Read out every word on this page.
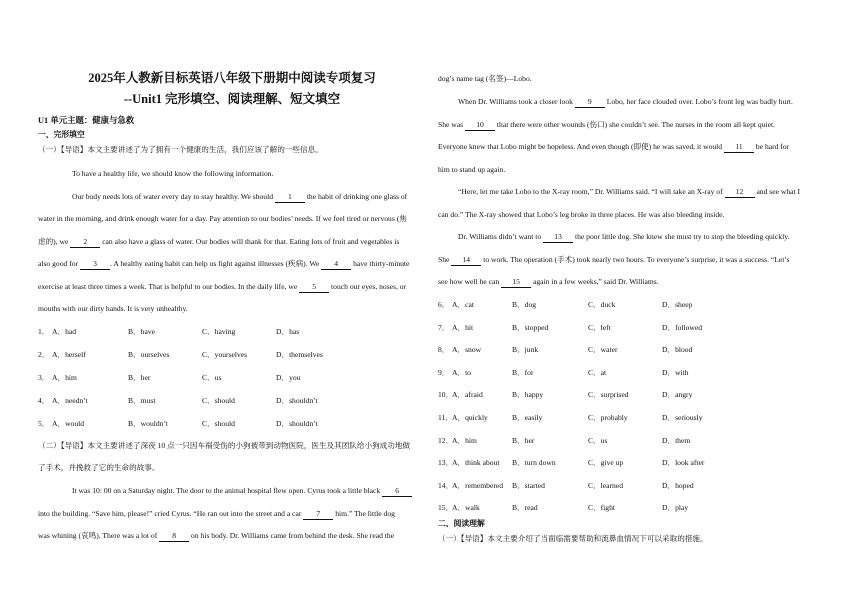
2025年人教新目标英语八年级下册期中阅读专项复习
--Unit1 完形填空、阅读理解、短文填空
U1 单元主题：健康与急救
一、完形填空
（一）【导语】本文主要讲述了为了拥有一个健康的生活，我们应该了解的一些信息。
To have a healthy life, we should know the following information.
Our body needs lots of water every day to stay healthy. We should 1 the habit of drinking one glass of
water in the morning, and drink enough water for a day. Pay attention to our bodies’ needs. If we feel tired or nervous (焦
虑的), we 2 can also have a glass of water. Our bodies will thank for that. Eating lots of fruit and vegetables is
also good for 3 . A healthy eating habit can help us fight against illnesses (疾病). We 4 have thirty-minute
exercise at least three times a week. That is helpful to our bodies. In the daily life, we 5 touch our eyes, noses, or
mouths with our dirty hands. It is very unhealthy.
1． A．had	B．have	C．having	D．has
2． A．herself	B．ourselves	C．yourselves	D．themselves
3． A．him	B．her	C．us	D．you
4． A．needn’t	B．must	C．should	D．shouldn’t
5． A．would	B．wouldn’t	C．should	D．shouldn’t
（二）【导语】本文主要讲述了深夜 10 点一只因车祸受伤的小狗被带到动物医院，医生及其团队给小狗成功地做
了手术，并挽救了它的生命的故事。
It was 10: 00 on a Saturday night. The door to the animal hospital flew open. Cyrus took a little black 6
into the building. “Save him, please!” cried Cyrus. “He ran out into the street and a car 7 him.” The little dog
was whining (哀鸣). There was a lot of 8 on his body. Dr. Williams came from behind the desk. She read the
dog’s name tag (名签)—Lobo.
When Dr. Williams took a closer look 9 Lobo, her face clouded over. Lobo’s front leg was badly hurt.
She was 10 that there were other wounds (伤口) she couldn’t see. The nurses in the room all kept quiet.
Everyone knew that Lobo might be hopeless. And even though (即使) he was saved, it would 11 be hard for
him to stand up again.
“Here, let me take Lobo to the X-ray room,” Dr. Williams said. “I will take an X-ray of 12 and see what I
can do.” The X-ray showed that Lobo’s leg broke in three places. He was also bleeding inside.
Dr. Williams didn’t want to 13 the poor little dog. She knew she must try to stop the bleeding quickly.
She 14 to work. The operation (手术) took nearly two hours. To everyone’s surprise, it was a success. “Let’s
see how well he can 15 again in a few weeks,” said Dr. Williams.
6． A．cat	B．dog	C．duck	D．sheep
7． A．hit	B．stopped	C．left	D．followed
8． A．snow	B．junk	C．water	D．blood
9． A．to	B．for	C．at	D．with
10．
A．afraid	B．happy	C．surprised	D．angry
11． A．quickly	B．easily	C．probably	D．seriously
12．
A．him	B．her	C．us	D．them
13．
A．think about B．turn down	C．give up	D．look after
14．
A．remembered B．started	C．learned	D．hoped
15．
A．walk	B．read	C．fight	D．play
二、阅读理解
（一）【导语】本文主要介绍了当面临需要帮助和流鼻血情况下可以采取的措施。
